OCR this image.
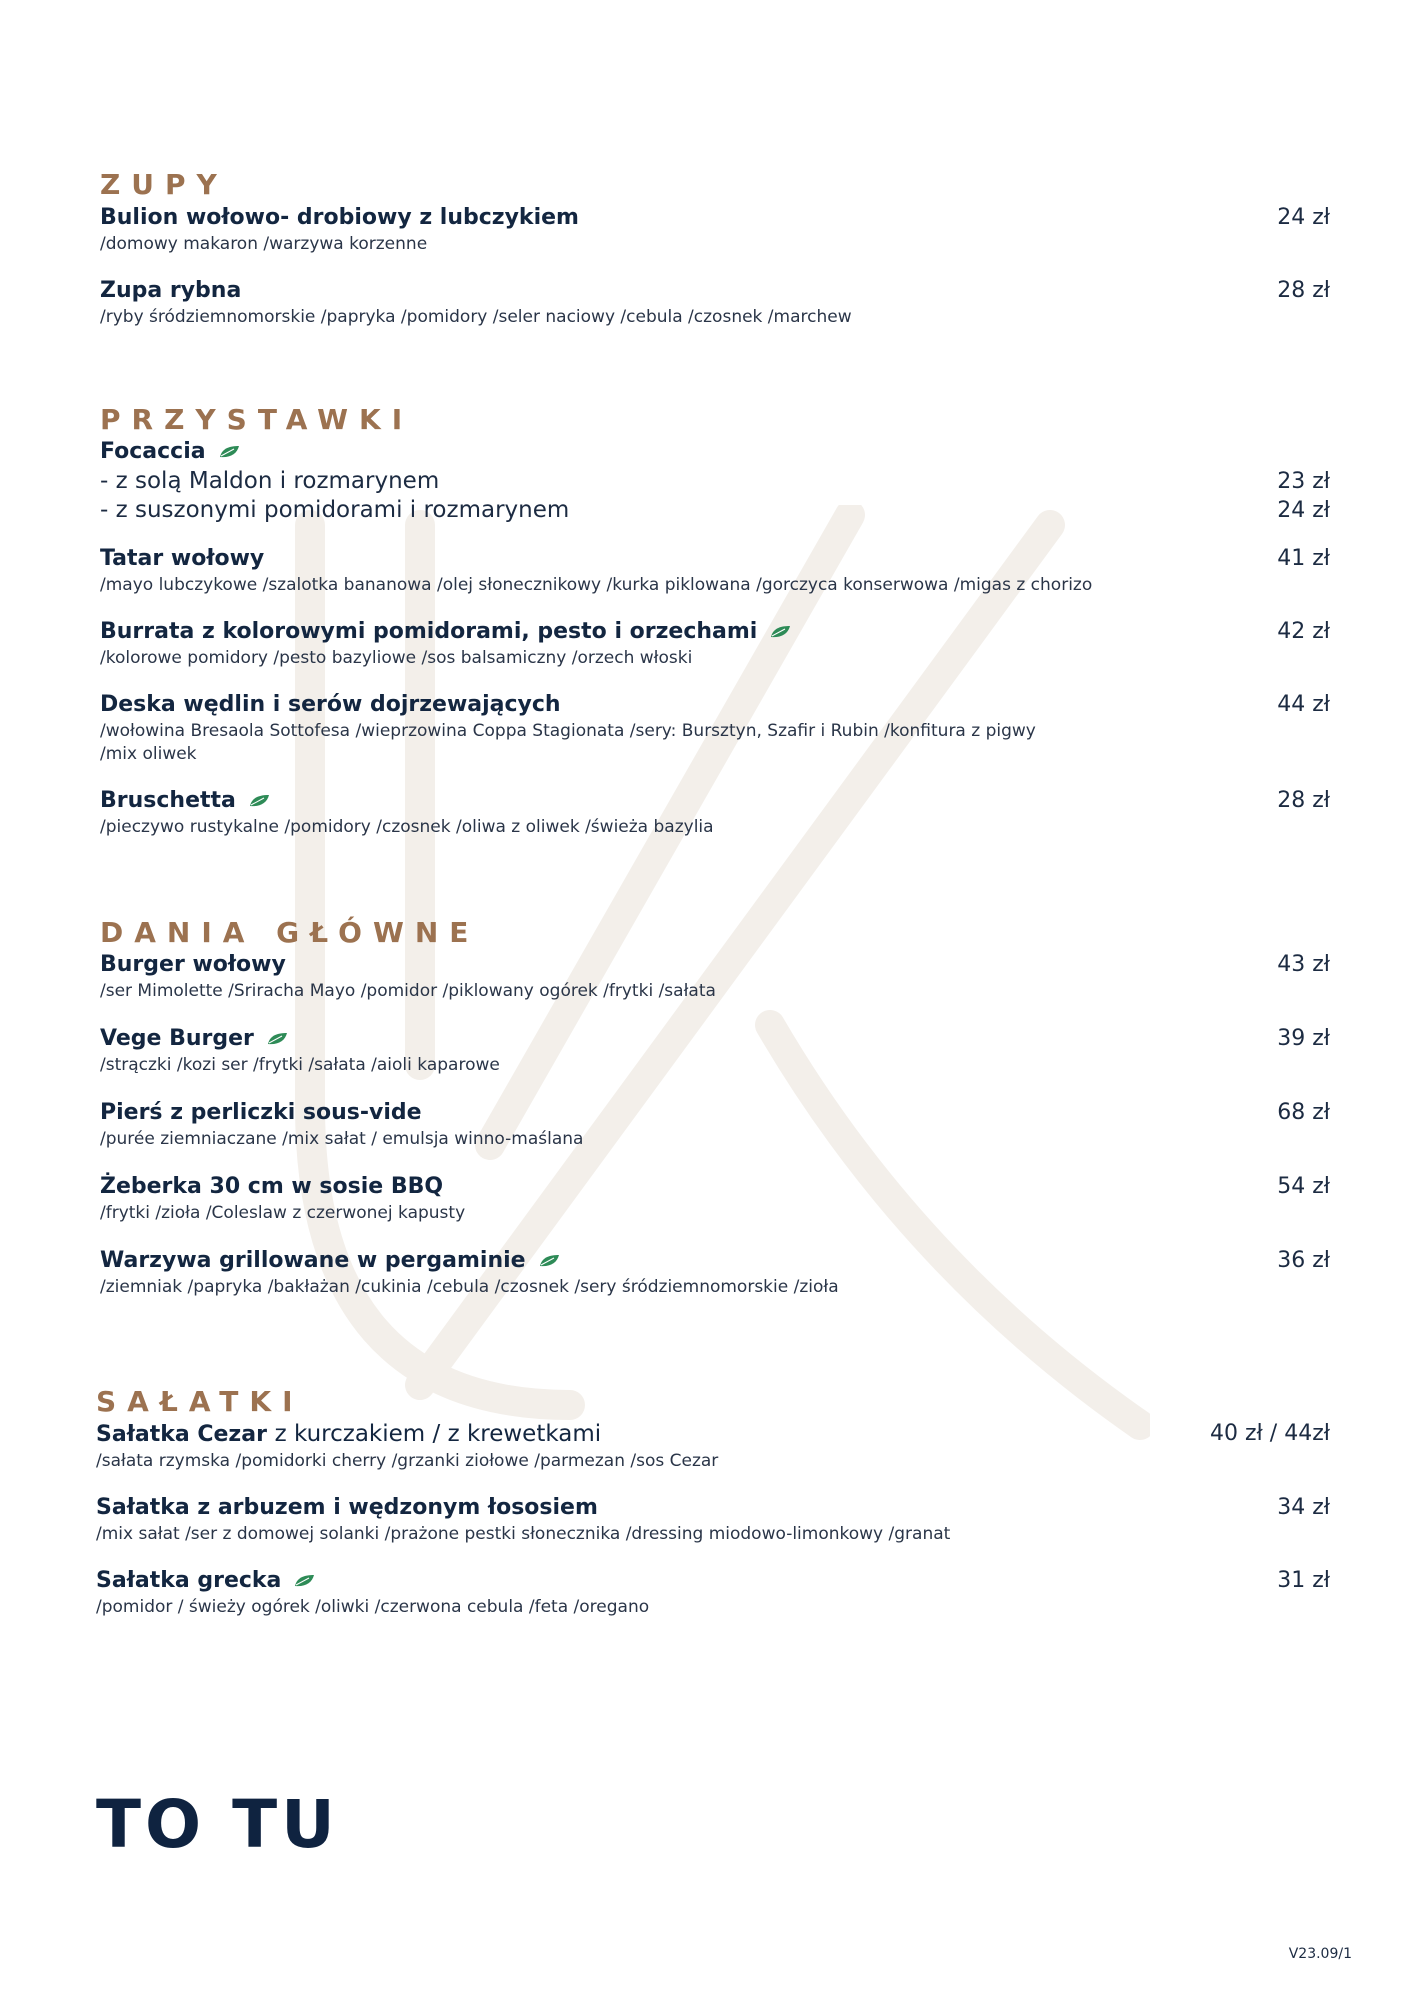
ZUPY
Bulion wołowo- drobiowy z lubczykiem	24 zł
/domowy makaron /warzywa korzenne
Zupa rybna	28 zł
/ryby śródziemnomorskie /papryka /pomidory /seler naciowy /cebula /czosnek /marchew
PRZYSTAWKI
Focaccia
- z solą Maldon i rozmarynem	23 zł
- z suszonymi pomidorami i rozmarynem	24 zł
Tatar wołowy	41 zł
/mayo lubczykowe /szalotka bananowa /olej słonecznikowy /kurka piklowana /gorczyca konserwowa /migas z chorizo
Burrata z kolorowymi pomidorami, pesto i orzechami	42 zł
/kolorowe pomidory /pesto bazyliowe /sos balsamiczny /orzech włoski
Deska wędlin i serów dojrzewających	44 zł
/wołowina Bresaola Sottofesa /wieprzowina Coppa Stagionata /sery: Bursztyn, Szafir i Rubin /konfitura z pigwy
/mix oliwek
Bruschetta	28 zł
/pieczywo rustykalne /pomidory /czosnek /oliwa z oliwek /świeża bazylia
DANIA GŁÓWNE
Burger wołowy	43 zł
/ser Mimolette /Sriracha Mayo /pomidor /piklowany ogórek /frytki /sałata
Vege Burger	39 zł
/strączki /kozi ser /frytki /sałata /aioli kaparowe
Pierś z perliczki sous-vide	68 zł
/purée ziemniaczane /mix sałat / emulsja winno-maślana
Żeberka 30 cm w sosie BBQ	54 zł
/frytki /zioła /Coleslaw z czerwonej kapusty
Warzywa grillowane w pergaminie	36 zł
/ziemniak /papryka /bakłażan /cukinia /cebula /czosnek /sery śródziemnomorskie /zioła
SAŁATKI
Sałatka Cezar z kurczakiem / z krewetkami	40 zł / 44zł
/sałata rzymska /pomidorki cherry /grzanki ziołowe /parmezan /sos Cezar
Sałatka z arbuzem i wędzonym łososiem	34 zł
/mix sałat /ser z domowej solanki /prażone pestki słonecznika /dressing miodowo-limonkowy /granat
Sałatka grecka	31 zł
/pomidor / świeży ogórek /oliwki /czerwona cebula /feta /oregano
TO TU
V23.09/1
